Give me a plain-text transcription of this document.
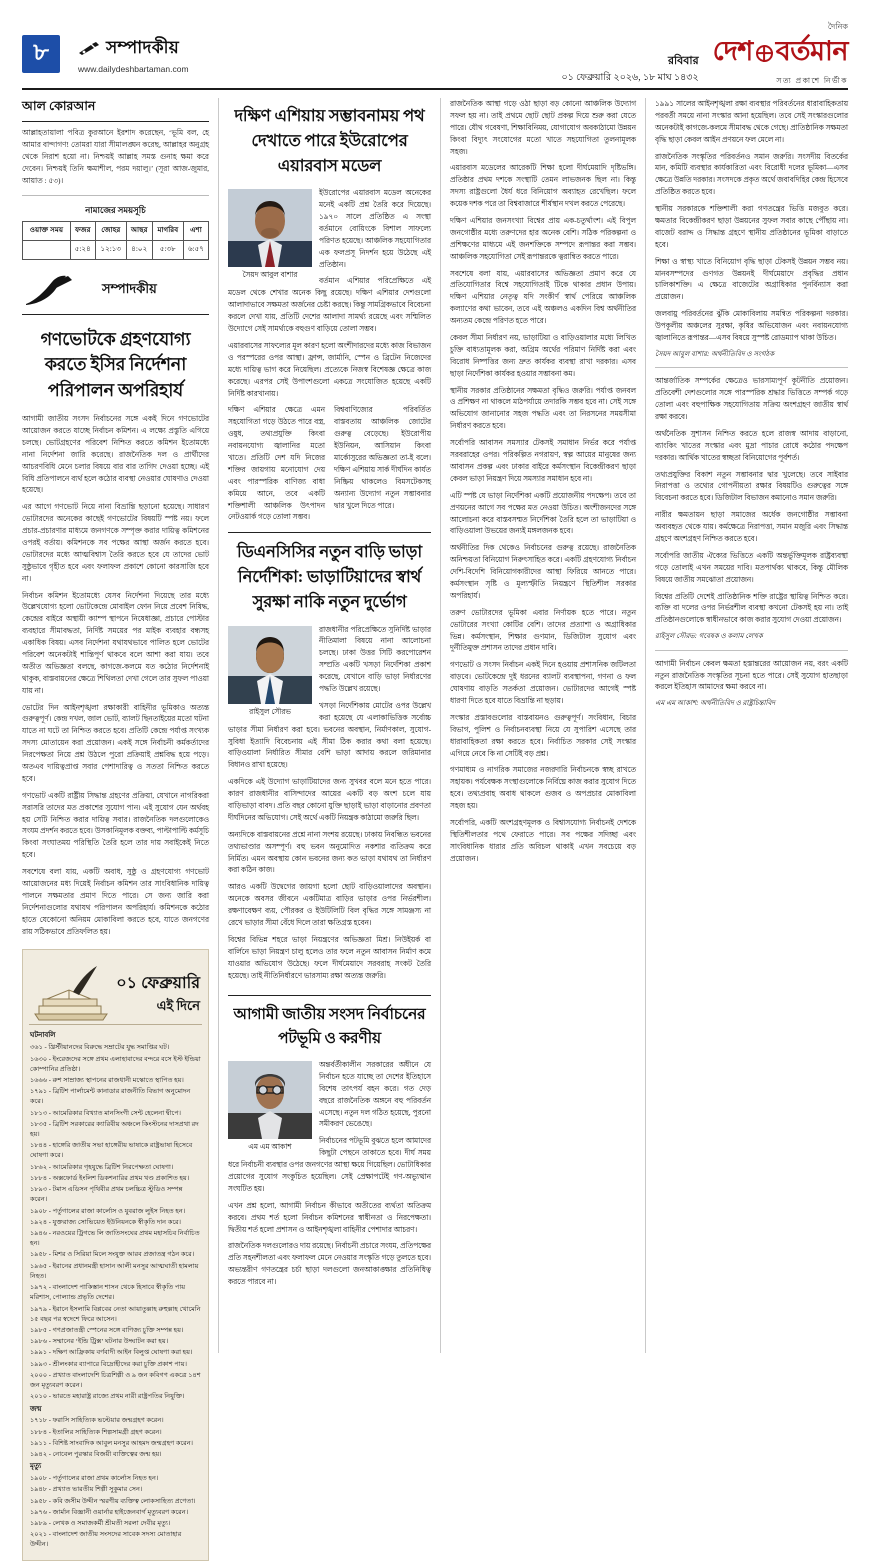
৮	সম্পাদকীয়
www.dailydeshbartaman.com
রবিবার
০১ ফেব্রুয়ারি ২০২৬, ১৮ মাঘ ১৪৩২
দৈনিক
দেশ বর্তমান
সত্য প্রকাশে নির্ভীক
আল কোরআন
আল্লাহতায়ালা পবিত্র কুরআনে ইরশাদ করেছেন, ‘ভূমি বল, হে আমার বান্দাগণ! তোমরা যারা সীমালঙ্ঘন করেছ, আল্লাহর অনুগ্রহ থেকে নিরাশ হয়ো না। নিশ্চয়ই আল্লাহ সমস্ত গুনাহ ক্ষমা করে দেবেন। নিশ্চয়ই তিনি ক্ষমাশীল, পরম দয়ালু।’ (সূরা আজ-জুমার, আয়াত : ৫৩)।
নামাজের সময়সূচি
ওয়াক্ত সময়	ফজর	জোহর	আছর	মাগরিব	এশা
	৫:২৪	১২:১৩	৪:০২	৫:৩৮	৬:৫৭
সম্পাদকীয়
গণভোটকে গ্রহণযোগ্য করতে ইসির নির্দেশনা পরিপালন অপরিহার্য

আগামী জাতীয় সংসদ নির্বাচনের সঙ্গে একই দিনে গণভোটের আয়োজন করতে যাচ্ছে নির্বাচন কমিশন। এ লক্ষ্যে প্রস্তুতি এগিয়ে চলছে। ভোটগ্রহণের পরিবেশ নিশ্চিত করতে কমিশন ইতোমধ্যে নানা নির্দেশনা জারি করেছে। রাজনৈতিক দল ও প্রার্থীদের আচরণবিধি মেনে চলার বিষয়ে বার বার তাগিদ দেওয়া হচ্ছে। এই বিধি প্রতিপালনে ব্যর্থ হলে কঠোর ব্যবস্থা নেওয়ার ঘোষণাও দেওয়া হয়েছে।

এর আগে গণভোট নিয়ে নানা বিভ্রান্তি ছড়ানো হয়েছে। সাধারণ ভোটারদের অনেকের কাছেই গণভোটের বিষয়টি স্পষ্ট নয়। ফলে প্রচার-প্রচারণার মাধ্যমে জনগণকে সম্পৃক্ত করার দায়িত্ব কমিশনের ওপরই বর্তায়। কমিশনকে সব পক্ষের আস্থা অর্জন করতে হবে। ভোটারদের মধ্যে আত্মবিশ্বাস তৈরি করতে হবে যে তাদের ভোট সুষ্ঠুভাবে গৃহীত হবে এবং ফলাফল প্রকাশে কোনো কারসাজি হবে না।

নির্বাচন কমিশন ইতোমধ্যে যেসব নির্দেশনা দিয়েছে তার মধ্যে উল্লেখযোগ্য হলো ভোটকেন্দ্রে মোবাইল ফোন নিয়ে প্রবেশ নিষিদ্ধ, কেন্দ্রের বাইরে অস্থায়ী ক্যাম্প স্থাপনে নিষেধাজ্ঞা, প্রচারে পোস্টার ব্যবহারে সীমাবদ্ধতা, নির্দিষ্ট সময়ের পর মাইক ব্যবহার বন্ধসহ একাধিক বিষয়। এসব নির্দেশনা যথাযথভাবে পালিত হলে ভোটের পরিবেশ অনেকটাই শান্তিপূর্ণ থাকবে বলে আশা করা যায়। তবে অতীত অভিজ্ঞতা বলছে, কাগজে-কলমে যত কঠোর নির্দেশনাই থাকুক, বাস্তবায়নের ক্ষেত্রে শিথিলতা দেখা গেলে তার সুফল পাওয়া যায় না।

ভোটের দিন আইনশৃঙ্খলা রক্ষাকারী বাহিনীর ভূমিকাও অত্যন্ত গুরুত্বপূর্ণ। কেন্দ্র দখল, জাল ভোট, ব্যালট ছিনতাইয়ের মতো ঘটনা যাতে না ঘটে তা নিশ্চিত করতে হবে। প্রতিটি কেন্দ্রে পর্যাপ্ত সংখ্যক সদস্য মোতায়েন করা প্রয়োজন। একই সঙ্গে নির্বাচনী কর্মকর্তাদের নিরপেক্ষতা নিয়ে প্রশ্ন উঠলে পুরো প্রক্রিয়াই প্রশ্নবিদ্ধ হয়ে পড়ে। অতএব দায়িত্বপ্রাপ্ত সবার পেশাদারিত্ব ও সততা নিশ্চিত করতে হবে।

গণভোট একটি রাষ্ট্রীয় সিদ্ধান্ত গ্রহণের প্রক্রিয়া, যেখানে নাগরিকরা সরাসরি তাদের মত প্রকাশের সুযোগ পান। এই সুযোগ যেন অর্থবহ হয় সেটি নিশ্চিত করার দায়িত্ব সবার। রাজনৈতিক দলগুলোকেও সংযম প্রদর্শন করতে হবে। উসকানিমূলক বক্তব্য, পাল্টাপাল্টি কর্মসূচি কিংবা সংঘাতময় পরিস্থিতি তৈরি হলে তার দায় সবাইকেই নিতে হবে।

সবশেষে বলা যায়, একটি অবাধ, সুষ্ঠু ও গ্রহণযোগ্য গণভোট আয়োজনের মধ্য দিয়েই নির্বাচন কমিশন তার সাংবিধানিক দায়িত্ব পালনে সক্ষমতার প্রমাণ দিতে পারে। সে জন্য জারি করা নির্দেশনাগুলোর যথাযথ পরিপালন অপরিহার্য। কমিশনকে কঠোর হাতে যেকোনো অনিয়ম মোকাবিলা করতে হবে, যাতে জনগণের রায় সঠিকভাবে প্রতিফলিত হয়।

০১ ফেব্রুয়ারি
এই দিনে
ঘটনাবলি
৩৬১ - খ্রিস্টীয়ানদের বিরুদ্ধে সম্রাটের যুদ্ধ সমাপ্তির ঘট।
১৬৩০ - ইংরেজদের সঙ্গে প্রথম এলাহাবাদের বন্দরে বসে ইস্ট ইন্ডিয়া কোম্পানির প্রতিষ্ঠা।
১৬৬৬ - রুশ সাম্রাজ্য স্থাপনের রাজধানী মস্কোতে স্থাপিত হয়।
১৭৯১ - ব্রিটিশ পার্লামেন্ট কানাডার রাজনীতি বিভাগ অনুমোদন করে।
১৮১৩ - আমেরিকার বিখ্যাত মানসিংগী সেন্ট হেলেনা দ্বীপে।
১৮৩৫ - ব্রিটিশ সরকারের ক্যারিবীয় অঞ্চলে কিংস্টনের দাসপ্রথা রদ হয়।
১৮৪৪ - হাঙ্গেরি জাতীয় সভা হাঙ্গেরীয় ভাষাকে রাষ্ট্রভাষা হিসেবে ঘোষণা করে।
১৮৬২ - আমেরিকার গৃহযুদ্ধে ব্রিটিশ নিরপেক্ষতা ঘোষণা।
১৮৮৪ - অক্সফোর্ড ইংলিশ ডিকশনারির প্রথম খণ্ড প্রকাশিত হয়।
১৮৯৩ - টমাস এডিসন পৃথিবীর প্রথম চলচ্চিত্র স্টুডিও সম্পন্ন করেন।
১৯০৮ - পর্তুগালের রাজা কার্লোস ও যুবরাজ লুইস নিহত হন।
১৯২৪ - যুক্তরাজ্য সোভিয়েত ইউনিয়নকে স্বীকৃতি দান করে।
১৯৪৬ - নরওয়ের ট্রিগভে লি জাতিসংঘের প্রথম মহাসচিব নির্বাচিত হন।
১৯৫৮ - মিশর ও সিরিয়া মিলে সংযুক্ত আরব প্রজাতন্ত্র গঠন করে।
১৯৬৫ - ইরানের প্রধানমন্ত্রী হাসান আলী মনসুর আত্মঘাতী হামলায় নিহত।
১৯৭২ - বাংলাদেশ পাকিস্তান শাসন থেকে হিসাবে স্বীকৃতি পায় মরিশাস, পোল্যান্ড প্রভৃতি দেশের।
১৯৭৯ - ইরানে ইসলামি বিপ্লবের নেতা আয়াতুল্লাহ রুহুল্লাহ খোমেনি ১৫ বছর পর স্বদেশে ফিরে আসেন।
১৯৮৫ - গণপ্রজাতন্ত্রী স্পেনের সঙ্গে বাণিজ্য চুক্তি সম্পন্ন হয়।
১৯৮৬ - সম্মানের ‘ইন্ডি ট্রিক্স’ ঘটনার উদ্ঘাটন করা হয়।
১৯৯১ - দক্ষিণ আফ্রিকায় বর্ণবাদী আইন বিলুপ্ত ঘোষণা করা হয়।
১৯৯৩ - শ্রীলংকার ব্যাপারে বিদ্রোহীদের করা চুক্তি প্রকাশ পায়।
২০০০ - প্রখ্যাত বাংলাদেশি চিত্রশিল্পী ও ৯ জন কবিগণ একত্রে ১৪শ জন মৃত্যুবরণ করেন।
২০১০ - ভারতে মহারাষ্ট্র রাজ্যে প্রথম নারী রাষ্ট্রপতির নিযুক্তি।
জন্ম
১৭১৮ - ফরাসি সাহিত্যিক ভল্টেয়ার জন্মগ্রহণ করেন।
১৮৮৪ - ইতালির সাহিত্যিক শিল্পসামগ্রী গ্রহণ করেন।
১৯১১ - বিশিষ্ট সাংবাদিক আবুল মনসুর আহমদ জন্মগ্রহণ করেন।
১৯৪২ - নোবেল পুরস্কার বিজয়ী ব্যক্তিত্বের জন্ম হয়।
মৃত্যু
১৯০৮ - পর্তুগালের রাজা প্রথম কার্লোস নিহত হন।
১৯৪৮ - প্রখ্যাত ভারতীয় শিল্পী সুকুমার সেন।
১৯৫৮ - কবি জসীম উদ্দীন স্মরণীয় ব্যক্তিত্ব লোকসাহিত্য প্রণেতা।
১৯৭৬ - জার্মান বিজ্ঞানী ওয়ার্নার হাইজেনবার্গ মৃত্যুবরণ করেন।
১৯৮৯ - লেখক ও সমাজকর্মী শ্রীমতী সরলা দেবীর মৃত্যু।
২০২১ - বাংলাদেশ জাতীয় সংসদের সাবেক সদস্য মোতাহার উদ্দীন।
দক্ষিণ এশিয়ায় সম্ভাবনাময় পথ দেখাতে পারে ইউরোপের এয়ারবাস মডেল
সৈয়দ আবুল বাশার

ইউরোপের এয়ারবাস মডেল অনেকের মনেই একটি প্রশ্ন তৈরি করে দিয়েছে। ১৯৭০ সালে প্রতিষ্ঠিত এ সংস্থা বর্তমানে বোয়িংকে বিশাল সাফল্যে পরিণত হয়েছে। আঞ্চলিক সহযোগিতার এক ফলপ্রসূ নিদর্শন হয়ে উঠেছে এই প্রতিষ্ঠান।

বর্তমান এশিয়ার পরিপ্রেক্ষিতে এই মডেল থেকে শেখার অনেক কিছু রয়েছে। দক্ষিণ এশিয়ার দেশগুলো আলাদাভাবে সক্ষমতা অর্জনের চেষ্টা করছে। কিন্তু সামগ্রিকভাবে বিবেচনা করলে দেখা যায়, প্রতিটি দেশের আলাদা সামর্থ্য রয়েছে এবং সম্মিলিত উদ্যোগে সেই সামর্থ্যকে বহুগুণ বাড়িয়ে তোলা সম্ভব।

এয়ারবাসের সাফল্যের মূল কারণ হলো অংশীদারদের মধ্যে কাজ বিভাজন ও পরস্পরের ওপর আস্থা। ফ্রান্স, জার্মানি, স্পেন ও ব্রিটেন নিজেদের মধ্যে দায়িত্ব ভাগ করে নিয়েছিল। প্রত্যেকে নিজস্ব বিশেষজ্ঞ ক্ষেত্রে কাজ করেছে। এরপর সেই উপাংশগুলো একত্রে সংযোজিত হয়েছে একটি নির্দিষ্ট কারখানায়।

দক্ষিণ এশিয়ার ক্ষেত্রে এমন সহযোগিতা গড়ে উঠতে পারে বস্ত্র, ওষুধ, তথ্যপ্রযুক্তি কিংবা নবায়নযোগ্য জ্বালানির মতো খাতে। প্রতিটি দেশ যদি নিজের শক্তির জায়গায় মনোযোগ দেয় এবং পারস্পরিক বাণিজ্য বাধা কমিয়ে আনে, তবে একটি শক্তিশালী আঞ্চলিক উৎপাদন নেটওয়ার্ক গড়ে তোলা সম্ভব।

বিশ্ববাণিজ্যের পরিবর্তিত বাস্তবতায় আঞ্চলিক জোটের গুরুত্ব বেড়েছে। ইউরোপীয় ইউনিয়ন, আসিয়ান কিংবা মার্কোসুরের অভিজ্ঞতা তা-ই বলে। দক্ষিণ এশিয়ায় সার্ক দীর্ঘদিন কার্যত নিষ্ক্রিয় থাকলেও বিমসটেকসহ অন্যান্য উদ্যোগ নতুন সম্ভাবনার দ্বার খুলে দিতে পারে।

ডিএনসিসির নতুন বাড়ি ভাড়া নির্দেশিকা: ভাড়াটিয়াদের স্বার্থ সুরক্ষা নাকি নতুন দুর্ভোগ
রাইসুল সৌরভ

রাজধানীর পরিপ্রেক্ষিতে সুনির্দিষ্ট ভাড়ার নীতিমালা বিষয়ে নানা আলোচনা চলছে। ঢাকা উত্তর সিটি করপোরেশন সম্প্রতি একটি খসড়া নির্দেশিকা প্রকাশ করেছে, যেখানে বাড়ি ভাড়া নির্ধারণের পদ্ধতি উল্লেখ রয়েছে।

খসড়া নির্দেশিকায় মোটের ওপর উল্লেখ করা হয়েছে যে এলাকাভিত্তিক সর্বোচ্চ ভাড়ার সীমা নির্ধারণ করা হবে। ভবনের অবস্থান, নির্মাণকাল, সুযোগ-সুবিধা ইত্যাদি বিবেচনায় এই সীমা ঠিক করার কথা বলা হয়েছে। বাড়িওয়ালা নির্ধারিত সীমার বেশি ভাড়া আদায় করলে জরিমানার বিধানও রাখা হয়েছে।

একদিকে এই উদ্যোগ ভাড়াটিয়াদের জন্য সুখবর বলে মনে হতে পারে। কারণ রাজধানীর বাসিন্দাদের আয়ের একটি বড় অংশ চলে যায় বাড়িভাড়া বাবদ। প্রতি বছর কোনো যুক্তি ছাড়াই ভাড়া বাড়ানোর প্রবণতা দীর্ঘদিনের অভিযোগ। সেই অর্থে একটি নিয়ন্ত্রক কাঠামো জরুরি ছিল।

অন্যদিকে বাস্তবায়নের প্রশ্নে নানা সংশয় রয়েছে। ঢাকায় নিবন্ধিত ভবনের তথ্যভাণ্ডার অসম্পূর্ণ। বহু ভবন অনুমোদিত নকশার ব্যতিক্রম করে নির্মিত। এমন অবস্থায় কোন ভবনের জন্য কত ভাড়া যথাযথ তা নির্ধারণ করা কঠিন কাজ।

আরও একটি উদ্বেগের জায়গা হলো ছোট বাড়িওয়ালাদের অবস্থান। অনেকে অবসর জীবনে একটিমাত্র বাড়ির ভাড়ার ওপর নির্ভরশীল। রক্ষণাবেক্ষণ ব্যয়, পৌরকর ও ইউটিলিটি বিল বৃদ্ধির সঙ্গে সামঞ্জস্য না রেখে ভাড়ার সীমা বেঁধে দিলে তারা ক্ষতিগ্রস্ত হবেন।

বিশ্বের বিভিন্ন শহরে ভাড়া নিয়ন্ত্রণের অভিজ্ঞতা মিশ্র। নিউইয়র্ক বা বার্লিনে ভাড়া নিয়ন্ত্রণ চালু হলেও তার ফলে নতুন আবাসন নির্মাণ কমে যাওয়ার অভিযোগ উঠেছে। ফলে দীর্ঘমেয়াদে সরবরাহ সংকট তৈরি হয়েছে। তাই নীতিনির্ধারণে ভারসাম্য রক্ষা অত্যন্ত জরুরি।

আগামী জাতীয় সংসদ নির্বাচনের পটভূমি ও করণীয়
এম এম আকাশ

অন্তর্বর্তীকালীন সরকারের অধীনে যে নির্বাচন হতে যাচ্ছে তা দেশের ইতিহাসে বিশেষ তাৎপর্য বহন করে। গত দেড় বছরে রাজনৈতিক অঙ্গনে বহু পরিবর্তন এসেছে। নতুন দল গঠিত হয়েছে, পুরনো সমীকরণ ভেঙেছে।

নির্বাচনের পটভূমি বুঝতে হলে আমাদের কিছুটা পেছনে তাকাতে হবে। দীর্ঘ সময় ধরে নির্বাচনী ব্যবস্থার ওপর জনগণের আস্থা ক্ষয়ে গিয়েছিল। ভোটাধিকার প্রয়োগের সুযোগ সংকুচিত হয়েছিল। সেই প্রেক্ষাপটেই গণ-অভ্যুত্থান সংঘটিত হয়।

এখন প্রশ্ন হলো, আগামী নির্বাচন কীভাবে অতীতের ব্যর্থতা অতিক্রম করবে। প্রথম শর্ত হলো নির্বাচন কমিশনের স্বাধীনতা ও নিরপেক্ষতা। দ্বিতীয় শর্ত হলো প্রশাসন ও আইনশৃঙ্খলা বাহিনীর পেশাদার আচরণ।

রাজনৈতিক দলগুলোরও দায় রয়েছে। নির্বাচনী প্রচারে সংযম, প্রতিপক্ষের প্রতি সহনশীলতা এবং ফলাফল মেনে নেওয়ার সংস্কৃতি গড়ে তুলতে হবে। অভ্যন্তরীণ গণতন্ত্রের চর্চা ছাড়া দলগুলো জনআকাঙ্ক্ষার প্রতিনিধিত্ব করতে পারবে না।

রাজনৈতিক আস্থা গড়ে ওঠা ছাড়া বড় কোনো আঞ্চলিক উদ্যোগ সফল হয় না। তাই প্রথমে ছোট ছোট প্রকল্প দিয়ে শুরু করা যেতে পারে। যৌথ গবেষণা, শিক্ষাবিনিময়, যোগাযোগ অবকাঠামো উন্নয়ন কিংবা বিদ্যুৎ সংযোগের মতো খাতে সহযোগিতা তুলনামূলক সহজ।

এয়ারবাস মডেলের আরেকটি শিক্ষা হলো দীর্ঘমেয়াদি দৃষ্টিভঙ্গি। প্রতিষ্ঠার প্রথম দশকে সংস্থাটি তেমন লাভজনক ছিল না। কিন্তু সদস্য রাষ্ট্রগুলো ধৈর্য ধরে বিনিয়োগ অব্যাহত রেখেছিল। ফলে কয়েক দশক পরে তা বিশ্ববাজারে শীর্ষস্থান দখল করতে পেরেছে।

দক্ষিণ এশিয়ার জনসংখ্যা বিশ্বের প্রায় এক-চতুর্থাংশ। এই বিপুল জনগোষ্ঠীর মধ্যে তরুণদের হার অনেক বেশি। সঠিক পরিকল্পনা ও প্রশিক্ষণের মাধ্যমে এই জনশক্তিকে সম্পদে রূপান্তর করা সম্ভব। আঞ্চলিক সহযোগিতা সেই রূপান্তরকে ত্বরান্বিত করতে পারে।

সবশেষে বলা যায়, এয়ারবাসের অভিজ্ঞতা প্রমাণ করে যে প্রতিযোগিতার বিশ্বে সহযোগিতাই টিকে থাকার প্রধান উপায়। দক্ষিণ এশিয়ার নেতৃত্ব যদি সংকীর্ণ স্বার্থ পেরিয়ে আঞ্চলিক কল্যাণের কথা ভাবেন, তবে এই অঞ্চলও একদিন বিশ্ব অর্থনীতির অন্যতম কেন্দ্রে পরিণত হতে পারে।

কেবল সীমা নির্ধারণ নয়, ভাড়াটিয়া ও বাড়িওয়ালার মধ্যে লিখিত চুক্তি বাধ্যতামূলক করা, অগ্রিম অর্থের পরিমাণ নির্দিষ্ট করা এবং বিরোধ নিষ্পত্তির জন্য দ্রুত কার্যকর ব্যবস্থা রাখা দরকার। এসব ছাড়া নির্দেশিকা কার্যকর হওয়ার সম্ভাবনা কম।

স্থানীয় সরকার প্রতিষ্ঠানের সক্ষমতা বৃদ্ধিও জরুরি। পর্যাপ্ত জনবল ও প্রশিক্ষণ না থাকলে মাঠপর্যায়ে তদারকি সম্ভব হবে না। সেই সঙ্গে অভিযোগ জানানোর সহজ পদ্ধতি এবং তা নিরসনের সময়সীমা নির্ধারণ করতে হবে।

সর্বোপরি আবাসন সমস্যার টেকসই সমাধান নির্ভর করে পর্যাপ্ত সরবরাহের ওপর। পরিকল্পিত নগরায়ণ, স্বল্প আয়ের মানুষের জন্য আবাসন প্রকল্প এবং ঢাকার বাইরে কর্মসংস্থান বিকেন্দ্রীকরণ ছাড়া কেবল ভাড়া নিয়ন্ত্রণ দিয়ে সমস্যার সমাধান হবে না।

এটি স্পষ্ট যে ভাড়া নির্দেশিকা একটি প্রয়োজনীয় পদক্ষেপ। তবে তা প্রণয়নের আগে সব পক্ষের মত নেওয়া উচিত। অংশীজনদের সঙ্গে আলোচনা করে বাস্তবসম্মত নির্দেশিকা তৈরি হলে তা ভাড়াটিয়া ও বাড়িওয়ালা উভয়ের জন্যই মঙ্গলজনক হবে।

অর্থনীতির দিক থেকেও নির্বাচনের গুরুত্ব রয়েছে। রাজনৈতিক অনিশ্চয়তা বিনিয়োগ নিরুৎসাহিত করে। একটি গ্রহণযোগ্য নির্বাচন দেশি-বিদেশি বিনিয়োগকারীদের আস্থা ফিরিয়ে আনতে পারে। কর্মসংস্থান সৃষ্টি ও মূল্যস্ফীতি নিয়ন্ত্রণে স্থিতিশীল সরকার অপরিহার্য।

তরুণ ভোটারদের ভূমিকা এবার নির্ণায়ক হতে পারে। নতুন ভোটারের সংখ্যা কোটির বেশি। তাদের প্রত্যাশা ও অগ্রাধিকার ভিন্ন। কর্মসংস্থান, শিক্ষার গুণমান, ডিজিটাল সুযোগ এবং দুর্নীতিমুক্ত প্রশাসন তাদের প্রধান দাবি।

গণভোট ও সংসদ নির্বাচন একই দিনে হওয়ায় প্রশাসনিক জটিলতা বাড়বে। ভোটকেন্দ্রে দুই ধরনের ব্যালট ব্যবস্থাপনা, গণনা ও ফল ঘোষণায় বাড়তি সতর্কতা প্রয়োজন। ভোটারদের আগেই স্পষ্ট ধারণা দিতে হবে যাতে বিভ্রান্তি না ছড়ায়।

সংস্কার প্রস্তাবগুলোর বাস্তবায়নও গুরুত্বপূর্ণ। সংবিধান, বিচার বিভাগ, পুলিশ ও নির্বাচনব্যবস্থা নিয়ে যে সুপারিশ এসেছে তার ধারাবাহিকতা রক্ষা করতে হবে। নির্বাচিত সরকার সেই সংস্কার এগিয়ে নেবে কি না সেটিই বড় প্রশ্ন।

গণমাধ্যম ও নাগরিক সমাজের নজরদারি নির্বাচনকে স্বচ্ছ রাখতে সহায়ক। পর্যবেক্ষক সংস্থাগুলোকে নির্বিঘ্নে কাজ করার সুযোগ দিতে হবে। তথ্যপ্রবাহ অবাধ থাকলে গুজব ও অপপ্রচার মোকাবিলা সহজ হয়।

সর্বোপরি, একটি অংশগ্রহণমূলক ও বিশ্বাসযোগ্য নির্বাচনই দেশকে স্থিতিশীলতার পথে ফেরাতে পারে। সব পক্ষের সদিচ্ছা এবং সাংবিধানিক ধারার প্রতি অবিচল থাকাই এখন সবচেয়ে বড় প্রয়োজন।

১৯৯১ সালের আইনশৃঙ্খলা রক্ষা ব্যবস্থার পরিবর্তনের ধারাবাহিকতায় পরবর্তী সময়ে নানা সংস্কার আনা হয়েছিল। তবে সেই সংস্কারগুলোর অনেকটাই কাগজে-কলমে সীমাবদ্ধ থেকে গেছে। প্রাতিষ্ঠানিক সক্ষমতা বৃদ্ধি ছাড়া কেবল আইন প্রণয়নে ফল মেলে না।

রাজনৈতিক সংস্কৃতির পরিবর্তনও সমান জরুরি। সংসদীয় বিতর্কের মান, কমিটি ব্যবস্থার কার্যকারিতা এবং বিরোধী দলের ভূমিকা—এসব ক্ষেত্রে উন্নতি দরকার। সংসদকে প্রকৃত অর্থে জবাবদিহির কেন্দ্র হিসেবে প্রতিষ্ঠিত করতে হবে।

স্থানীয় সরকারকে শক্তিশালী করা গণতন্ত্রের ভিত্তি মজবুত করে। ক্ষমতার বিকেন্দ্রীকরণ ছাড়া উন্নয়নের সুফল সবার কাছে পৌঁছায় না। বাজেট বরাদ্দ ও সিদ্ধান্ত গ্রহণে স্থানীয় প্রতিষ্ঠানের ভূমিকা বাড়াতে হবে।

শিক্ষা ও স্বাস্থ্য খাতে বিনিয়োগ বৃদ্ধি ছাড়া টেকসই উন্নয়ন সম্ভব নয়। মানবসম্পদের গুণগত উন্নয়নই দীর্ঘমেয়াদে প্রবৃদ্ধির প্রধান চালিকাশক্তি। এ ক্ষেত্রে বাজেটের অগ্রাধিকার পুনর্বিন্যাস করা প্রয়োজন।

জলবায়ু পরিবর্তনের ঝুঁকি মোকাবিলায় সমন্বিত পরিকল্পনা দরকার। উপকূলীয় অঞ্চলের সুরক্ষা, কৃষির অভিযোজন এবং নবায়নযোগ্য জ্বালানিতে রূপান্তর—এসব বিষয়ে সুস্পষ্ট রোডম্যাপ থাকা উচিত।

সৈয়দ আবুল বাশার: অর্থনীতিবিদ ও সংগঠক

আন্তর্জাতিক সম্পর্কের ক্ষেত্রেও ভারসাম্যপূর্ণ কূটনীতি প্রয়োজন। প্রতিবেশী দেশগুলোর সঙ্গে পারস্পরিক শ্রদ্ধার ভিত্তিতে সম্পর্ক গড়ে তোলা এবং বহুপাক্ষিক সহযোগিতায় সক্রিয় অংশগ্রহণ জাতীয় স্বার্থ রক্ষা করবে।

অর্থনৈতিক সুশাসন নিশ্চিত করতে হলে রাজস্ব আদায় বাড়ানো, ব্যাংকিং খাতের সংস্কার এবং মুদ্রা পাচার রোধে কঠোর পদক্ষেপ দরকার। আর্থিক খাতের স্বচ্ছতা বিনিয়োগের পূর্বশর্ত।

তথ্যপ্রযুক্তির বিকাশ নতুন সম্ভাবনার দ্বার খুলেছে। তবে সাইবার নিরাপত্তা ও তথ্যের গোপনীয়তা রক্ষার বিষয়টিও গুরুত্বের সঙ্গে বিবেচনা করতে হবে। ডিজিটাল বিভাজন কমানোও সমান জরুরি।

নারীর ক্ষমতায়ন ছাড়া সমাজের অর্ধেক জনগোষ্ঠীর সম্ভাবনা অব্যবহৃত থেকে যায়। কর্মক্ষেত্রে নিরাপত্তা, সমান মজুরি এবং সিদ্ধান্ত গ্রহণে অংশগ্রহণ নিশ্চিত করতে হবে।

সর্বোপরি জাতীয় ঐক্যের ভিত্তিতে একটি অন্তর্ভুক্তিমূলক রাষ্ট্রব্যবস্থা গড়ে তোলাই এখন সময়ের দাবি। মতপার্থক্য থাকবে, কিন্তু মৌলিক বিষয়ে জাতীয় সমঝোতা প্রয়োজন।

বিশ্বের প্রতিটি দেশেই প্রাতিষ্ঠানিক শক্তি রাষ্ট্রের স্থায়িত্ব নিশ্চিত করে। ব্যক্তি বা দলের ওপর নির্ভরশীল ব্যবস্থা কখনো টেকসই হয় না। তাই প্রতিষ্ঠানগুলোকে স্বাধীনভাবে কাজ করার সুযোগ দেওয়া প্রয়োজন।

রাইসুল সৌরভ: গবেষক ও কলাম লেখক

আগামী নির্বাচন কেবল ক্ষমতা হস্তান্তরের আয়োজন নয়, বরং একটি নতুন রাজনৈতিক সংস্কৃতির সূচনা হতে পারে। সেই সুযোগ হাতছাড়া করলে ইতিহাস আমাদের ক্ষমা করবে না।

এম এম আকাশ: অর্থনীতিবিদ ও রাষ্ট্রচিন্তাবিদ
